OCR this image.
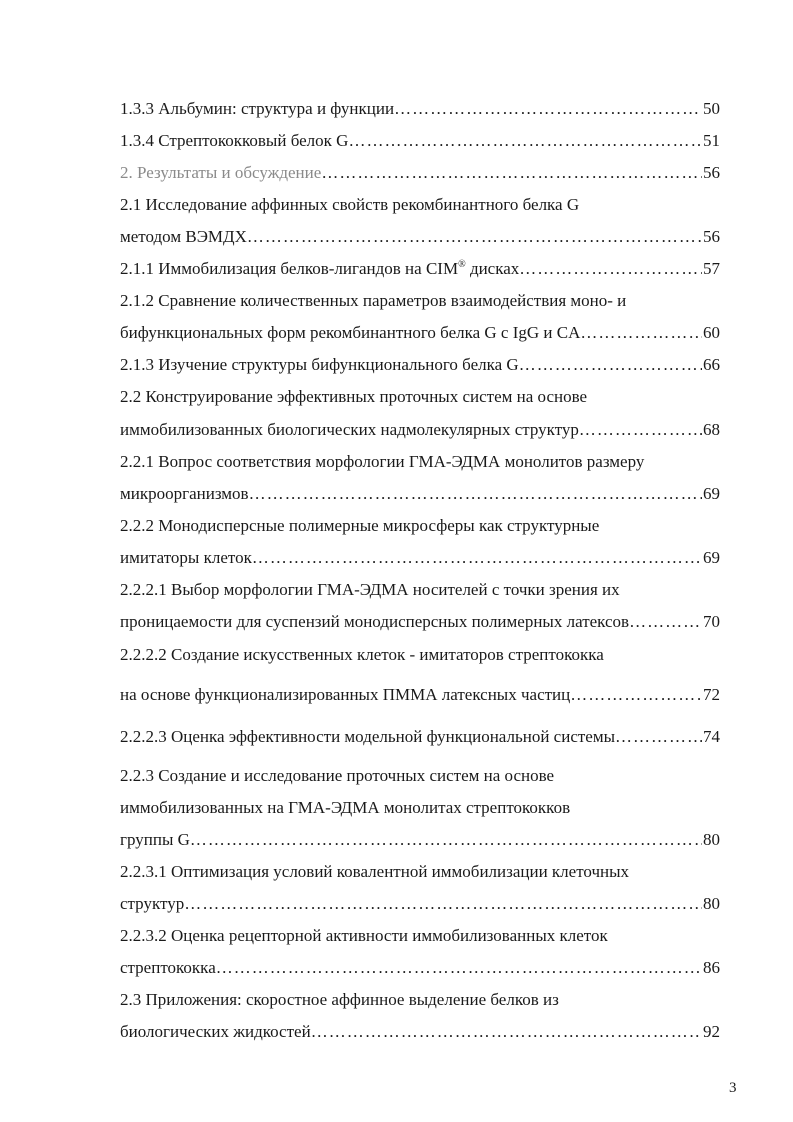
1.3.3 Альбумин: структура и функции ……………………………………………………………………………………………………………………………………………………………………………………	50
1.3.4 Стрептококковый белок G ……………………………………………………………………………………………………………………………………………………………………………………	51
2. Результаты и обсуждение ……………………………………………………………………………………………………………………………………………………………………………………	56
2.1 Исследование аффинных свойств рекомбинантного белка G
методом ВЭМДХ ……………………………………………………………………………………………………………………………………………………………………………………	56
2.1.1 Иммобилизация белков-лигандов на CIM® дисках ……………………………………………………………………………………………………………………………………………………………………………………	57
2.1.2 Сравнение количественных параметров взаимодействия моно- и
бифункциональных форм рекомбинантного белка G с IgG и CA ……………………………………………………………………………………………………………………………………………………………………………………	60
2.1.3 Изучение структуры бифункционального белка G ……………………………………………………………………………………………………………………………………………………………………………………	66
2.2 Конструирование эффективных проточных систем на основе
иммобилизованных биологических надмолекулярных структур ……………………………………………………………………………………………………………………………………………………………………………………	68
2.2.1 Вопрос соответствия морфологии ГМА-ЭДМА монолитов размеру
микроорганизмов ……………………………………………………………………………………………………………………………………………………………………………………	69
2.2.2 Монодисперсные полимерные микросферы как структурные
имитаторы клеток ……………………………………………………………………………………………………………………………………………………………………………………	69
2.2.2.1 Выбор морфологии ГМА-ЭДМА носителей с точки зрения их
проницаемости для суспензий монодисперсных полимерных латексов ……………………………………………………………………………………………………………………………………………………………………………………	70
2.2.2.2 Создание искусственных клеток - имитаторов стрептококка
на основе функционализированных ПММА латексных частиц ……………………………………………………………………………………………………………………………………………………………………………………	72
2.2.2.3 Оценка эффективности модельной функциональной системы ……………………………………………………………………………………………………………………………………………………………………………………	74
2.2.3 Создание и исследование проточных систем на основе
иммобилизованных на ГМА-ЭДМА монолитах стрептококков
группы G ……………………………………………………………………………………………………………………………………………………………………………………	80
2.2.3.1 Оптимизация условий ковалентной иммобилизации клеточных
структур ……………………………………………………………………………………………………………………………………………………………………………………	80
2.2.3.2 Оценка рецепторной активности иммобилизованных клеток
стрептококка ……………………………………………………………………………………………………………………………………………………………………………………	86
2.3 Приложения: скоростное аффинное выделение белков из
биологических жидкостей ……………………………………………………………………………………………………………………………………………………………………………………	92
3
